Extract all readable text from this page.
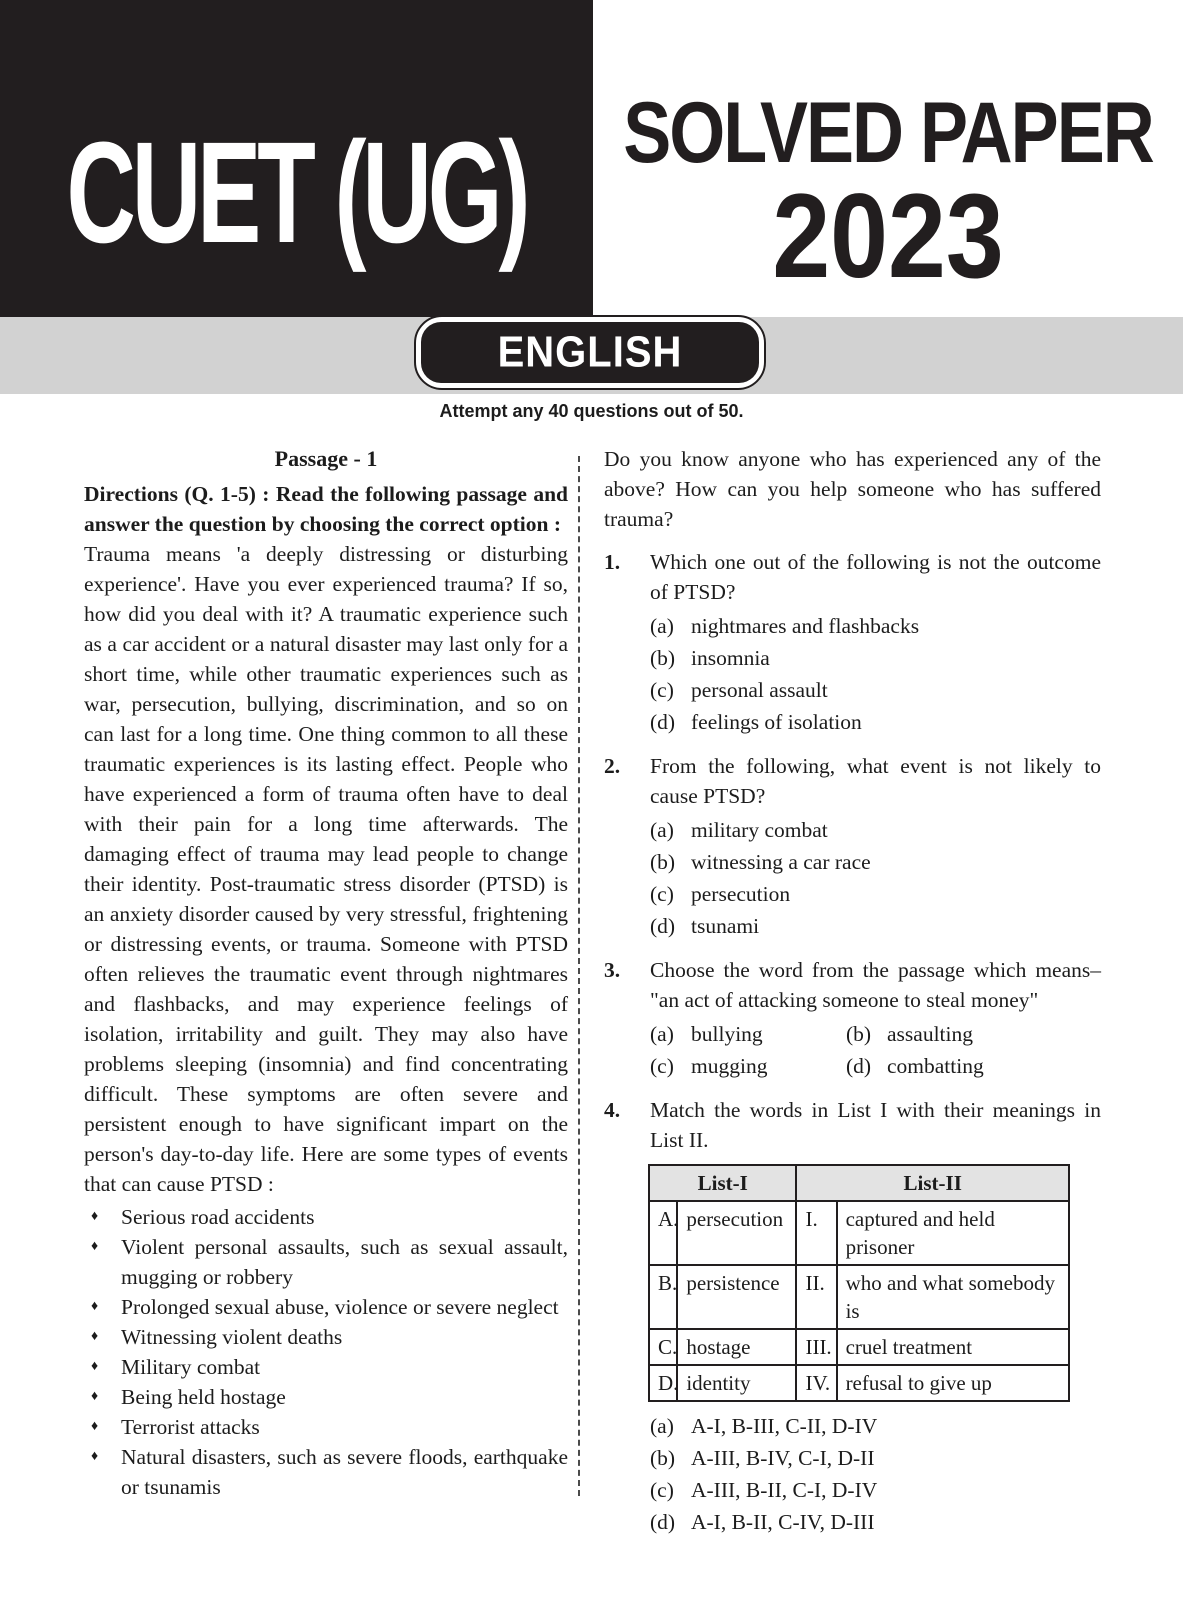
CUET (UG) SOLVED PAPER
2023
ENGLISH
Attempt any 40 questions out of 50.
Passage - 1

Directions (Q. 1-5) : Read the following passage and answer the question by choosing the correct option :

Trauma means 'a deeply distressing or disturbing experience'. Have you ever experienced trauma? If so, how did you deal with it? A traumatic experience such as a car accident or a natural disaster may last only for a short time, while other traumatic experiences such as war, persecution, bullying, discrimination, and so on can last for a long time. One thing common to all these traumatic experiences is its lasting effect. People who have experienced a form of trauma often have to deal with their pain for a long time afterwards. The damaging effect of trauma may lead people to change their identity. Post-traumatic stress disorder (PTSD) is an anxiety disorder caused by very stressful, frightening or distressing events, or trauma. Someone with PTSD often relieves the traumatic event through nightmares and flashbacks, and may experience feelings of isolation, irritability and guilt. They may also have problems sleeping (insomnia) and find concentrating difficult. These symptoms are often severe and persistent enough to have significant impart on the person's day-to-day life. Here are some types of events that can cause PTSD :

♦ Serious road accidents
♦ Violent personal assaults, such as sexual assault, mugging or robbery
♦ Prolonged sexual abuse, violence or severe neglect
♦ Witnessing violent deaths
♦ Military combat
♦ Being held hostage
♦ Terrorist attacks
♦ Natural disasters, such as severe floods, earthquake or tsunamis

Do you know anyone who has experienced any of the above? How can you help someone who has suffered trauma?

1.	Which one out of the following is not the outcome of PTSD?

(a) nightmares and flashbacks
(b) insomnia
(c) personal assault
(d) feelings of isolation
2.	From the following, what event is not likely to cause PTSD?

(a) military combat
(b) witnessing a car race
(c) persecution
(d) tsunami
3.	Choose the word from the passage which means– "an act of attacking someone to steal money"

(a) bullying	(b) assaulting
(c) mugging	(d) combatting
4.	Match the words in List I with their meanings in List II.

List-I		List-II	
A.	persecution	I.	captured and held prisoner
B.	persistence	II.	who and what somebody is
C.	hostage	III.	cruel treatment
D.	identity	IV.	refusal to give up
(a) A-I, B-III, C-II, D-IV
(b) A-III, B-IV, C-I, D-II
(c) A-III, B-II, C-I, D-IV
(d) A-I, B-II, C-IV, D-III
